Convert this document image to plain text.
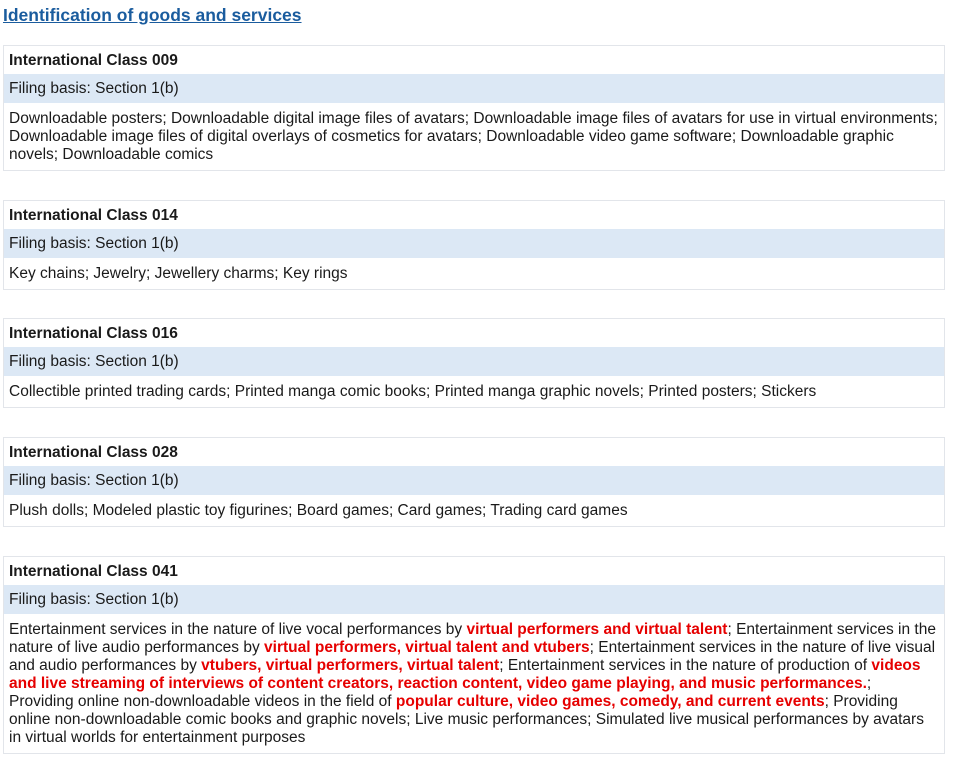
Identification of goods and services
International Class 009
Filing basis: Section 1(b)
Downloadable posters; Downloadable digital image files of avatars; Downloadable image files of avatars for use in virtual environments; Downloadable image files of digital overlays of cosmetics for avatars; Downloadable video game software; Downloadable graphic novels; Downloadable comics
International Class 014
Filing basis: Section 1(b)
Key chains; Jewelry; Jewellery charms; Key rings
International Class 016
Filing basis: Section 1(b)
Collectible printed trading cards; Printed manga comic books; Printed manga graphic novels; Printed posters; Stickers
International Class 028
Filing basis: Section 1(b)
Plush dolls; Modeled plastic toy figurines; Board games; Card games; Trading card games
International Class 041
Filing basis: Section 1(b)
Entertainment services in the nature of live vocal performances by virtual performers and virtual talent; Entertainment services in the nature of live audio performances by virtual performers, virtual talent and vtubers; Entertainment services in the nature of live visual and audio performances by vtubers, virtual performers, virtual talent; Entertainment services in the nature of production of videos and live streaming of interviews of content creators, reaction content, video game playing, and music performances.; Providing online non-downloadable videos in the field of popular culture, video games, comedy, and current events; Providing online non-downloadable comic books and graphic novels; Live music performances; Simulated live musical performances by avatars in virtual worlds for entertainment purposes
